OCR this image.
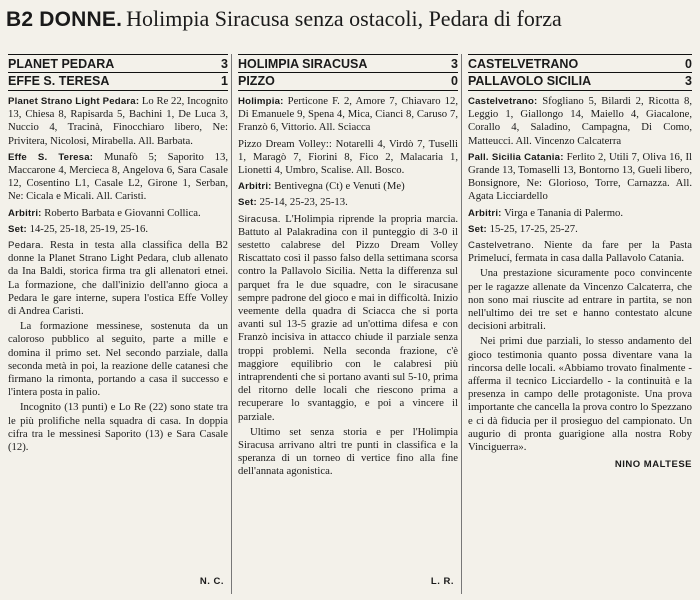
B2 DONNE. Holimpia Siracusa senza ostacoli, Pedara di forza
PLANET PEDARA	3
EFFE S. TERESA	1

Planet Strano Light Pedara: Lo Re 22, Incognito 13, Chiesa 8, Rapisarda 5, Bachini 1, De Luca 3, Nuccio 4, Tracinà, Finocchiaro libero, Ne: Privitera, Nicolosi, Mirabella. All. Barbata.

Effe S. Teresa: Munafò 5; Saporito 13, Maccarone 4, Mercieca 8, Angelova 6, Sara Casale 12, Cosentino L1, Casale L2, Girone 1, Serban, Ne: Cicala e Micali. All. Caristi.

Arbitri: Roberto Barbata e Giovanni Collica.

Set: 14-25, 25-18, 25-19, 25-16.

Pedara. Resta in testa alla classifica della B2 donne la Planet Strano Light Pedara, club allenato da Ina Baldi, storica firma tra gli allenatori etnei. La formazione, che dall'inizio dell'anno gioca a Pedara le gare interne, supera l'ostica Effe Volley di Andrea Caristi.

La formazione messinese, sostenuta da un caloroso pubblico al seguito, parte a mille e domina il primo set. Nel secondo parziale, dalla seconda metà in poi, la reazione delle catanesi che firmano la rimonta, portando a casa il successo e l'intera posta in palio.

Incognito (13 punti) e Lo Re (22) sono state tra le più prolifiche nella squadra di casa. In doppia cifra tra le messinesi Saporito (13) e Sara Casale (12).

N. C.
HOLIMPIA SIRACUSA	3
PIZZO	0

Holimpia: Perticone F. 2, Amore 7, Chiavaro 12, Di Emanuele 9, Spena 4, Mica, Cianci 8, Caruso 7, Franzò 6, Vittorio. All. Sciacca

Pizzo Dream Volley:: Notarelli 4, Virdò 7, Tuselli 1, Maragò 7, Fiorini 8, Fico 2, Malacaria 1, Lionetti 4, Umbro, Scalise. All. Bosco.

Arbitri: Bentivegna (Ct) e Venuti (Me)

Set: 25-14, 25-23, 25-13.

Siracusa. L'Holimpia riprende la propria marcia. Battuto al Palakradina con il punteggio di 3-0 il sestetto calabrese del Pizzo Dream Volley Riscattato così il passo falso della settimana scorsa contro la Pallavolo Sicilia. Netta la differenza sul parquet fra le due squadre, con le siracusane sempre padrone del gioco e mai in difficoltà. Inizio veemente della quadra di Sciacca che si porta avanti sul 13-5 grazie ad un'ottima difesa e con Franzò incisiva in attacco chiude il parziale senza troppi problemi. Nella seconda frazione, c'è maggiore equilibrio con le calabresi più intraprendenti che si portano avanti sul 5-10, prima del ritorno delle locali che riescono prima a recuperare lo svantaggio, e poi a vincere il parziale.

Ultimo set senza storia e per l'Holimpia Siracusa arrivano altri tre punti in classifica e la speranza di un torneo di vertice fino alla fine dell'annata agonistica.

L. R.
CASTELVETRANO	0
PALLAVOLO SICILIA	3

Castelvetrano: Sfogliano 5, Bilardi 2, Ricotta 8, Leggio 1, Giallongo 14, Maiello 4, Giacalone, Corallo 4, Saladino, Campagna, Di Como, Matteucci. All. Vincenzo Calcaterra

Pall. Sicilia Catania: Ferlito 2, Utili 7, Oliva 16, Il Grande 13, Tomaselli 13, Bontorno 13, Gueli libero, Bonsignore, Ne: Glorioso, Torre, Carnazza. All. Agata Licciardello

Arbitri: Virga e Tanania di Palermo.

Set: 15-25, 17-25, 25-27.

Castelvetrano. Niente da fare per la Pasta Primelucí, fermata in casa dalla Pallavolo Catania.

Una prestazione sicuramente poco convincente per le ragazze allenate da Vincenzo Calcaterra, che non sono mai riuscite ad entrare in partita, se non nell'ultimo dei tre set e hanno contestato alcune decisioni arbitrali.

Nei primi due parziali, lo stesso andamento del gioco testimonia quanto possa diventare vana la rincorsa delle locali. «Abbiamo trovato finalmente - afferma il tecnico Licciardello - la continuità e la presenza in campo delle protagoniste. Una prova importante che cancella la prova contro lo Spezzano e ci dà fiducia per il prosieguo del campionato. Un augurio di pronta guarigione alla nostra Roby Vinciguerra».

NINO MALTESE
